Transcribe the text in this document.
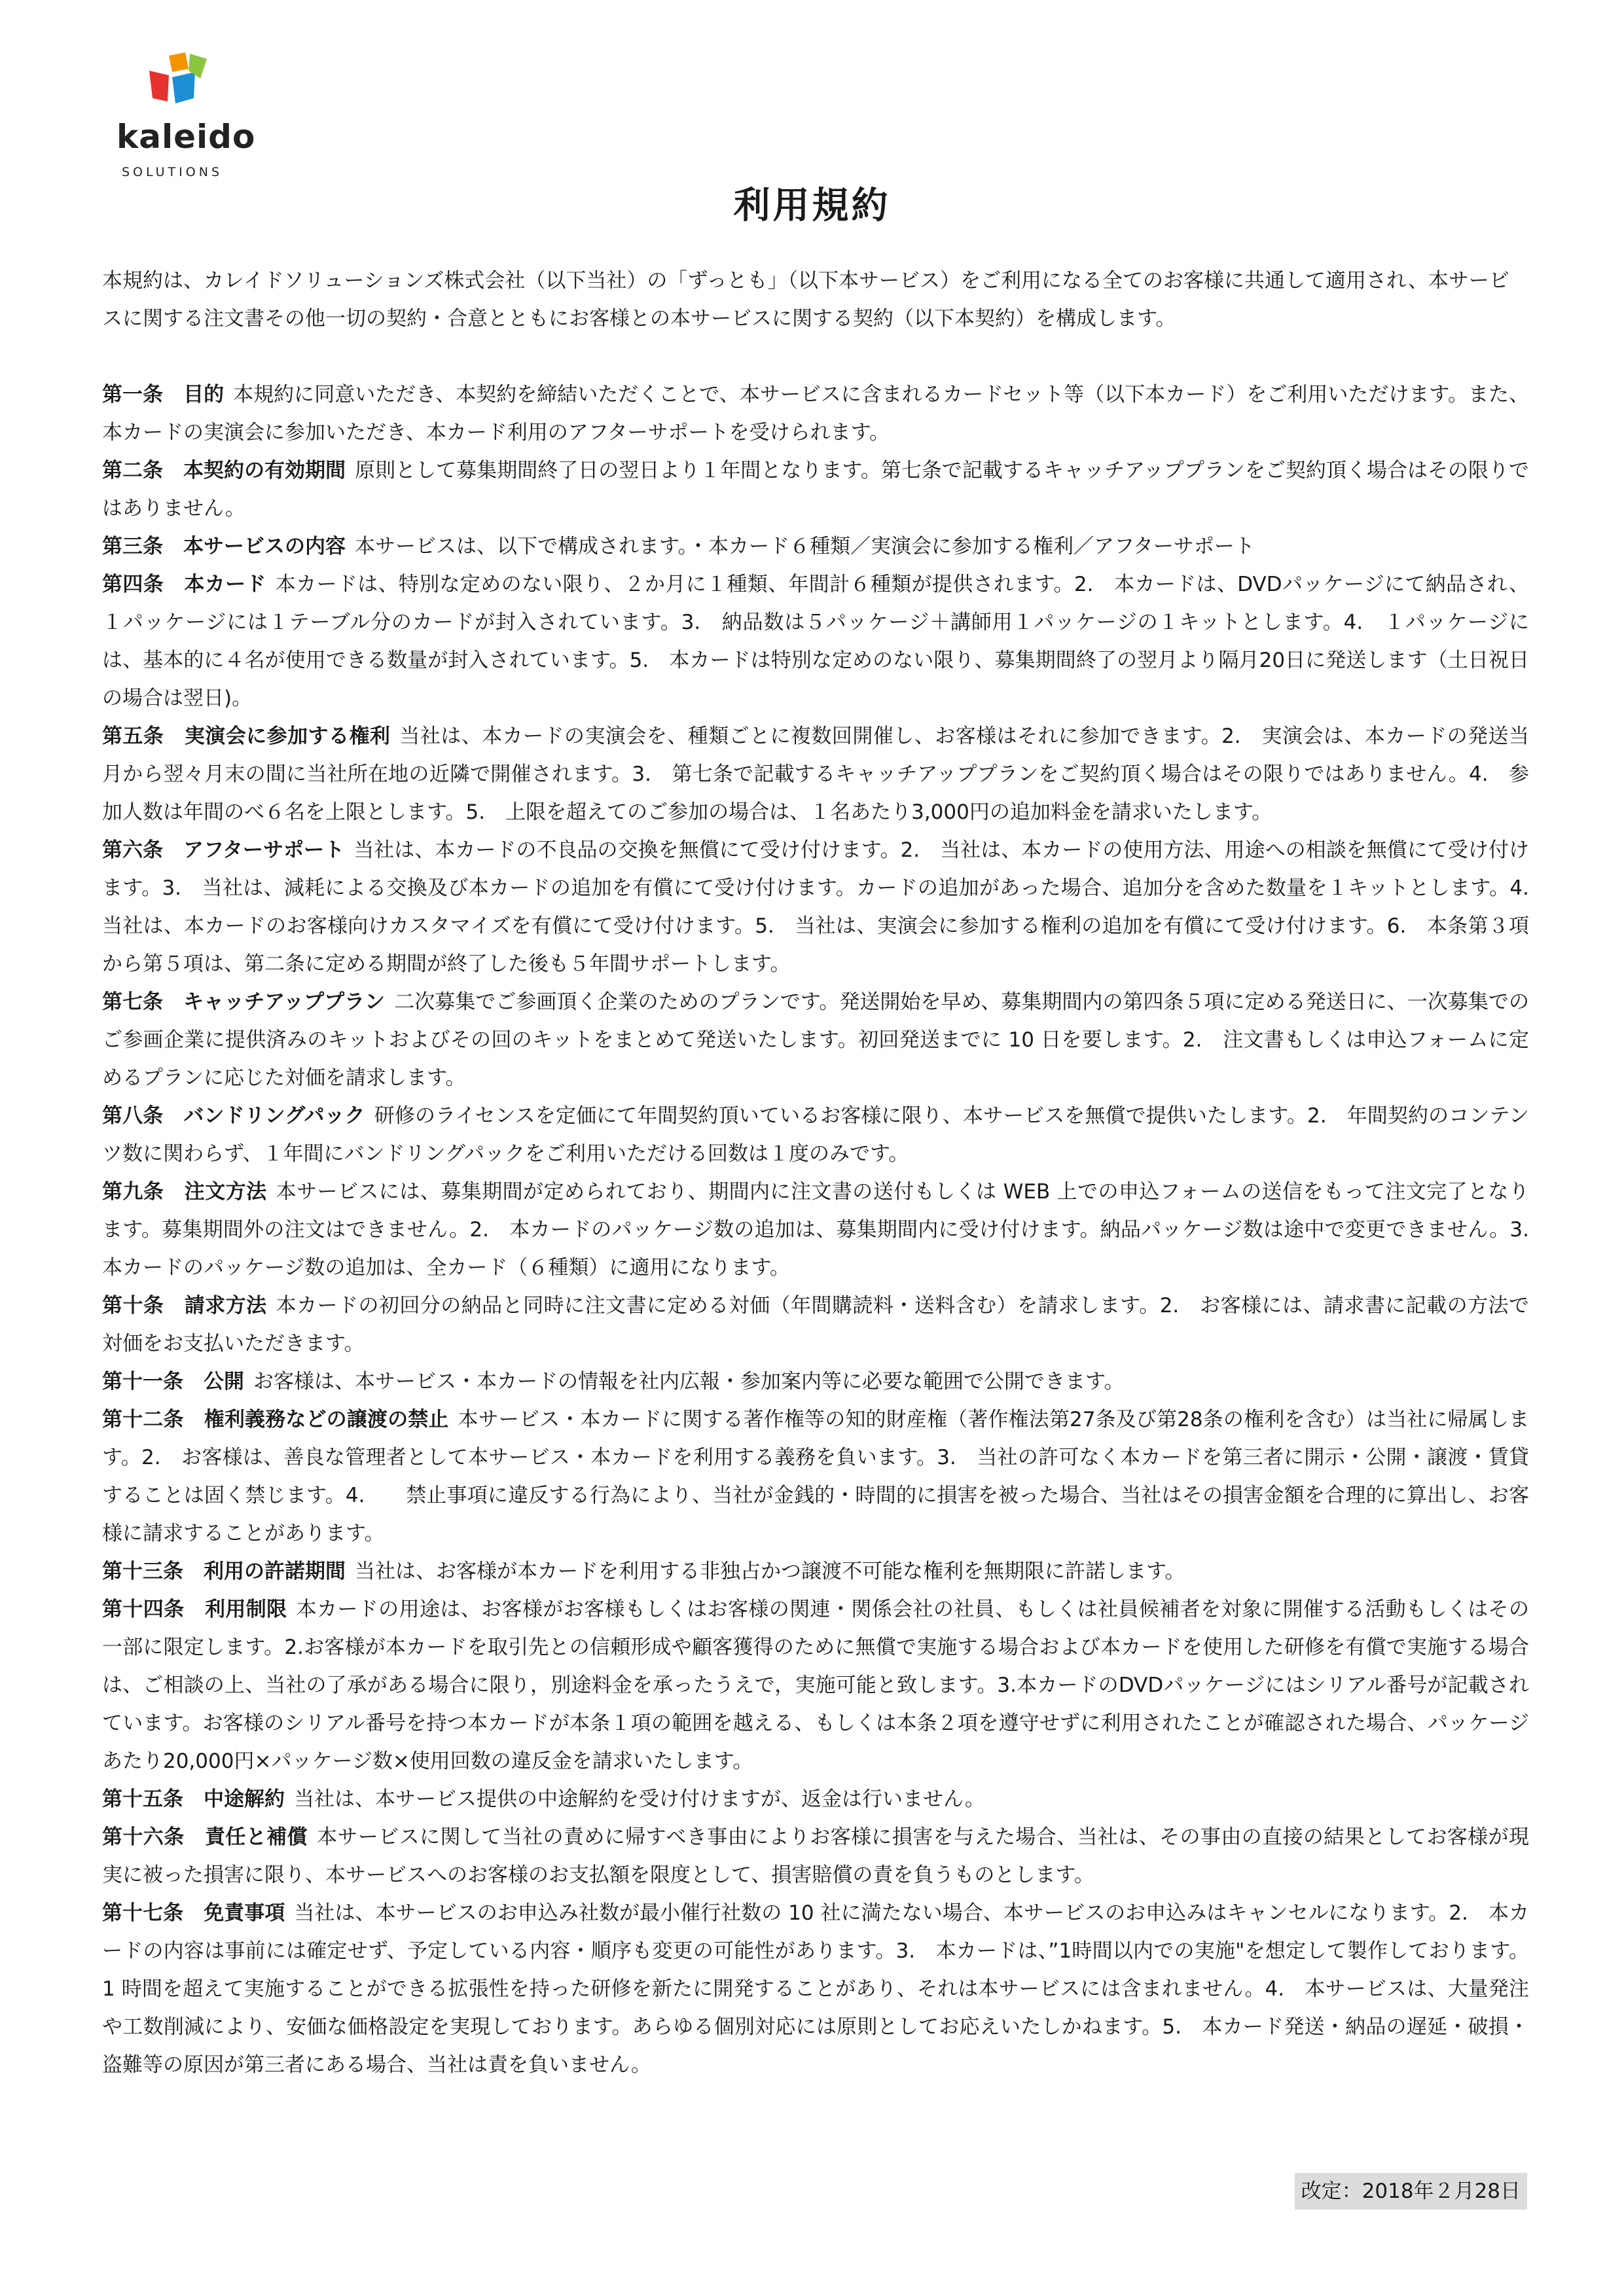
kaleido
SOLUTIONS
利用規約

本規約は、カレイドソリューションズ株式会社（以下当社）の「ずっとも」（以下本サービス）をご利用になる全てのお客様に共通して適用され、本サービスに関する注文書その他一切の契約・合意とともにお客様との本サービスに関する契約（以下本契約）を構成します。

第一条　目的 本規約に同意いただき、本契約を締結いただくことで、本サービスに含まれるカードセット等（以下本カード）をご利用いただけます。また、本カードの実演会に参加いただき、本カード利用のアフターサポートを受けられます。

第二条　本契約の有効期間 原則として募集期間終了日の翌日より１年間となります。第七条で記載するキャッチアッププランをご契約頂く場合はその限りではありません。

第三条　本サービスの内容 本サービスは、以下で構成されます。・本カード６種類／実演会に参加する権利／アフターサポート

第四条　本カード 本カードは、特別な定めのない限り、２か月に１種類、年間計６種類が提供されます。2.　本カードは、DVDパッケージにて納品され、１パッケージには１テーブル分のカードが封入されています。3.　納品数は５パッケージ＋講師用１パッケージの１キットとします。4.　１パッケージには、基本的に４名が使用できる数量が封入されています。5.　本カードは特別な定めのない限り、募集期間終了の翌月より隔月20日に発送します（土日祝日の場合は翌日)。

第五条　実演会に参加する権利 当社は、本カードの実演会を、種類ごとに複数回開催し、お客様はそれに参加できます。2.　実演会は、本カードの発送当月から翌々月末の間に当社所在地の近隣で開催されます。3.　第七条で記載するキャッチアッププランをご契約頂く場合はその限りではありません。4.　参加人数は年間のべ６名を上限とします。5.　上限を超えてのご参加の場合は、１名あたり3,000円の追加料金を請求いたします。

第六条　アフターサポート 当社は、本カードの不良品の交換を無償にて受け付けます。2.　当社は、本カードの使用方法、用途への相談を無償にて受け付けます。3.　当社は、減耗による交換及び本カードの追加を有償にて受け付けます。カードの追加があった場合、追加分を含めた数量を１キットとします。4.　当社は、本カードのお客様向けカスタマイズを有償にて受け付けます。5.　当社は、実演会に参加する権利の追加を有償にて受け付けます。6.　本条第３項から第５項は、第二条に定める期間が終了した後も５年間サポートします。

第七条　キャッチアッププラン 二次募集でご参画頂く企業のためのプランです。発送開始を早め、募集期間内の第四条５項に定める発送日に、一次募集でのご参画企業に提供済みのキットおよびその回のキットをまとめて発送いたします。初回発送までに 10 日を要します。2.　注文書もしくは申込フォームに定めるプランに応じた対価を請求します。

第八条　バンドリングパック 研修のライセンスを定価にて年間契約頂いているお客様に限り、本サービスを無償で提供いたします。2.　年間契約のコンテンツ数に関わらず、１年間にバンドリングパックをご利用いただける回数は１度のみです。

第九条　注文方法 本サービスには、募集期間が定められており、期間内に注文書の送付もしくは WEB 上での申込フォームの送信をもって注文完了となります。募集期間外の注文はできません。2.　本カードのパッケージ数の追加は、募集期間内に受け付けます。納品パッケージ数は途中で変更できません。3.　本カードのパッケージ数の追加は、全カード（６種類）に適用になります。

第十条　請求方法 本カードの初回分の納品と同時に注文書に定める対価（年間購読料・送料含む）を請求します。2.　お客様には、請求書に記載の方法で対価をお支払いただきます。

第十一条　公開 お客様は、本サービス・本カードの情報を社内広報・参加案内等に必要な範囲で公開できます。

第十二条　権利義務などの譲渡の禁止 本サービス・本カードに関する著作権等の知的財産権（著作権法第27条及び第28条の権利を含む）は当社に帰属します。2.　お客様は、善良な管理者として本サービス・本カードを利用する義務を負います。3.　当社の許可なく本カードを第三者に開示・公開・譲渡・賃貸することは固く禁じます。4.　　禁止事項に違反する行為により、当社が金銭的・時間的に損害を被った場合、当社はその損害金額を合理的に算出し、お客様に請求することがあります。

第十三条　利用の許諾期間 当社は、お客様が本カードを利用する非独占かつ譲渡不可能な権利を無期限に許諾します。

第十四条　利用制限 本カードの用途は、お客様がお客様もしくはお客様の関連・関係会社の社員、もしくは社員候補者を対象に開催する活動もしくはその一部に限定します。2.お客様が本カードを取引先との信頼形成や顧客獲得のために無償で実施する場合および本カードを使用した研修を有償で実施する場合は、ご相談の上、当社の了承がある場合に限り，別途料金を承ったうえで，実施可能と致します。3.本カードのDVDパッケージにはシリアル番号が記載されています。お客様のシリアル番号を持つ本カードが本条１項の範囲を越える、もしくは本条２項を遵守せずに利用されたことが確認された場合、パッケージあたり20,000円×パッケージ数×使用回数の違反金を請求いたします。

第十五条　中途解約 当社は、本サービス提供の中途解約を受け付けますが、返金は行いません。

第十六条　責任と補償 本サービスに関して当社の責めに帰すべき事由によりお客様に損害を与えた場合、当社は、その事由の直接の結果としてお客様が現実に被った損害に限り、本サービスへのお客様のお支払額を限度として、損害賠償の責を負うものとします。

第十七条　免責事項 当社は、本サービスのお申込み社数が最小催行社数の 10 社に満たない場合、本サービスのお申込みはキャンセルになります。2.　本カードの内容は事前には確定せず、予定している内容・順序も変更の可能性があります。3.　本カードは、”1時間以内での実施"を想定して製作しております。1 時間を超えて実施することができる拡張性を持った研修を新たに開発することがあり、それは本サービスには含まれません。4.　本サービスは、大量発注や工数削減により、安価な価格設定を実現しております。あらゆる個別対応には原則としてお応えいたしかねます。5.　本カード発送・納品の遅延・破損・盗難等の原因が第三者にある場合、当社は責を負いません。

改定：2018年２月28日
